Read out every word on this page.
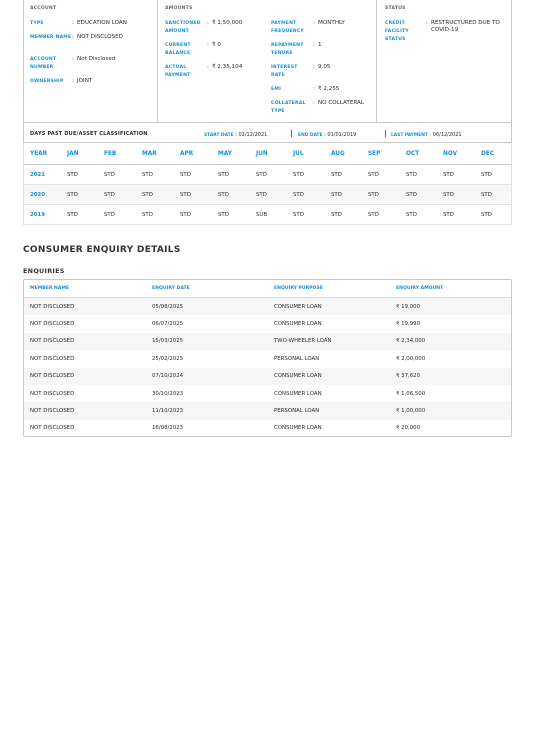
ACCOUNT
TYPE	: EDUCATION LOAN
MEMBER NAME : NOT DISCLOSED
ACCOUNT NUMBER
: Not Disclosed
OWNERSHIP	: JOINT
AMOUNTS
SANCTIONED AMOUNT
: ₹ 1,50,000
CURRENT BALANCE
: ₹ 0
ACTUAL PAYMENT
: ₹ 2,35,104
PAYMENT FREQUENCY
: MONTHLY
REPAYMENT TENURE
: 1
INTEREST RATE
: 9.05
EMI	: ₹ 2,255
COLLATERAL TYPE
: NO COLLATERAL
STATUS
CREDIT FACILITY STATUS
: RESTRUCTURED DUE TO COVID-19
DAYS PAST DUE/ASSET CLASSIFICATION	START DATE : 01/12/2021	END DATE : 01/01/2019	LAST PAYMENT : 06/12/2021
YEAR	JAN	FEB	MAR	APR	MAY	JUN	JUL	AUG	SEP	OCT	NOV	DEC
2021	STD	STD	STD	STD	STD	STD	STD	STD	STD	STD	STD	STD
2020	STD	STD	STD	STD	STD	STD	STD	STD	STD	STD	STD	STD
2019	STD	STD	STD	STD	STD	SUB	STD	STD	STD	STD	STD	STD
CONSUMER ENQUIRY DETAILS
ENQUIRIES
MEMBER NAME	ENQUIRY DATE	ENQUIRY PURPOSE	ENQUIRY AMOUNT
NOT DISCLOSED	05/08/2025	CONSUMER LOAN	₹ 19,000
NOT DISCLOSED	06/07/2025	CONSUMER LOAN	₹ 19,990
NOT DISCLOSED	15/03/2025	TWO-WHEELER LOAN	₹ 2,34,000
NOT DISCLOSED	25/02/2025	PERSONAL LOAN	₹ 2,00,000
NOT DISCLOSED	07/10/2024	CONSUMER LOAN	₹ 37,620
NOT DISCLOSED	30/10/2023	CONSUMER LOAN	₹ 1,06,500
NOT DISCLOSED	11/10/2023	PERSONAL LOAN	₹ 1,00,000
NOT DISCLOSED	16/08/2023	CONSUMER LOAN	₹ 20,000
